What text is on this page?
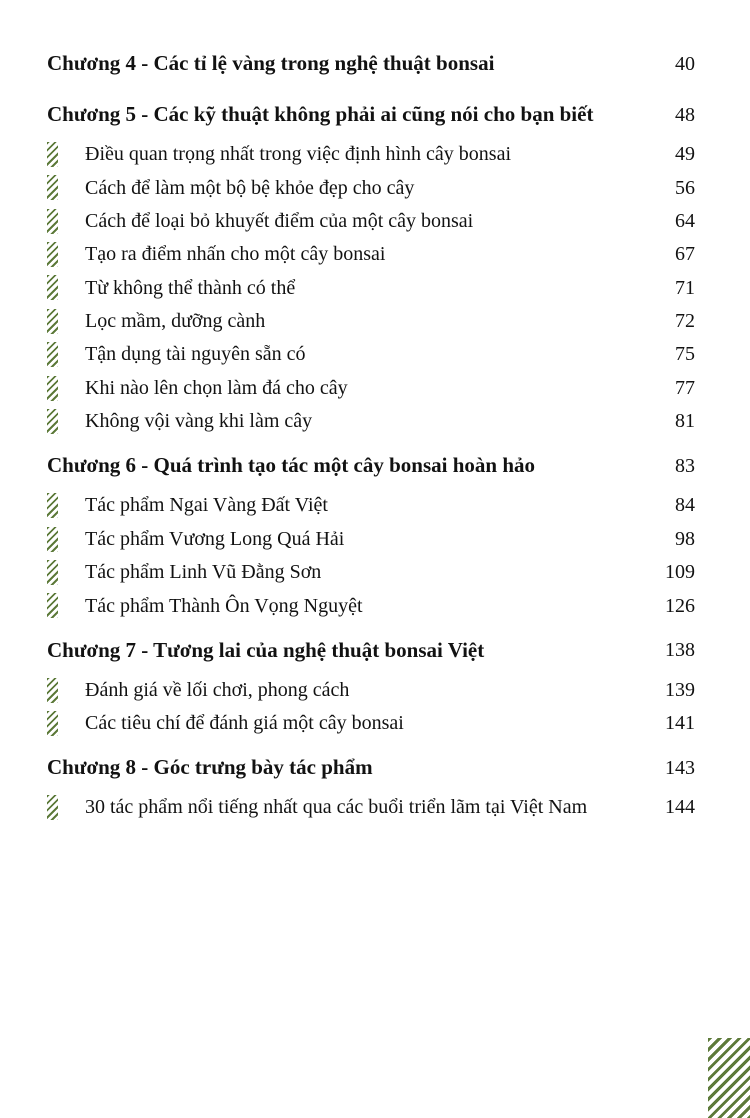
Chương 4 - Các tỉ lệ vàng trong nghệ thuật bonsai	40
Chương 5 - Các kỹ thuật không phải ai cũng nói cho bạn biết	48
Điều quan trọng nhất trong việc định hình cây bonsai	49
Cách để làm một bộ bệ khỏe đẹp cho cây	56
Cách để loại bỏ khuyết điểm của một cây bonsai	64
Tạo ra điểm nhấn cho một cây bonsai	67
Từ không thể thành có thể	71
Lọc mầm, dưỡng cành	72
Tận dụng tài nguyên sẵn có	75
Khi nào lên chọn làm đá cho cây	77
Không vội vàng khi làm cây	81
Chương 6 - Quá trình tạo tác một cây bonsai hoàn hảo	83
Tác phẩm Ngai Vàng Đất Việt	84
Tác phẩm Vương Long Quá Hải	98
Tác phẩm Linh Vũ Đằng Sơn	109
Tác phẩm Thành Ôn Vọng Nguyệt	126
Chương 7 - Tương lai của nghệ thuật bonsai Việt	138
Đánh giá về lối chơi, phong cách	139
Các tiêu chí để đánh giá một cây bonsai	141
Chương 8 - Góc trưng bày tác phẩm	143
30 tác phẩm nổi tiếng nhất qua các buổi triển lãm tại Việt Nam	144
